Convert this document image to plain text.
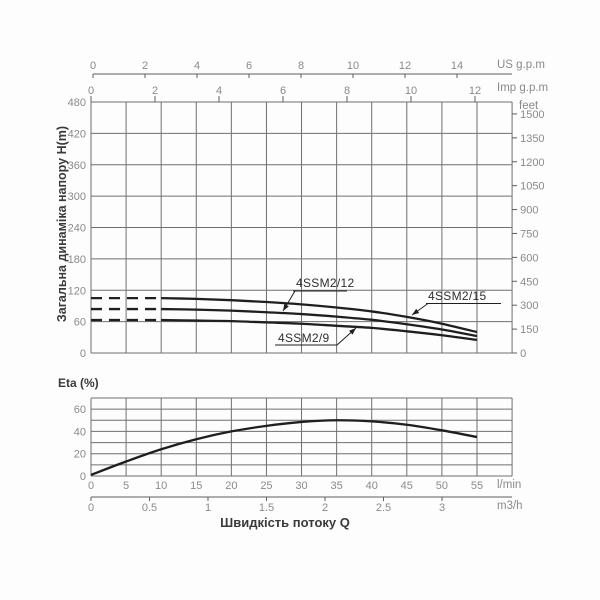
480
420
360
300
240
180
120
60
0
0	2	4	6	8	10	12	14
0	2	4	6	8	10	12
1500
1350
1200
1050
900
750
600
450
300
150
0
60
40
20
0
0	5 10 15 20 25 30 35 40 45 50 55
0	0.5	1	1.5	2	2.5	3
US g.p.m
Imp g.p.m
feet
Загальна динаміка напору H(m)
Eta (%)
l/min
m3/h
Швидкість потоку Q
4SSM2/12
4SSM2/15
4SSM2/9
